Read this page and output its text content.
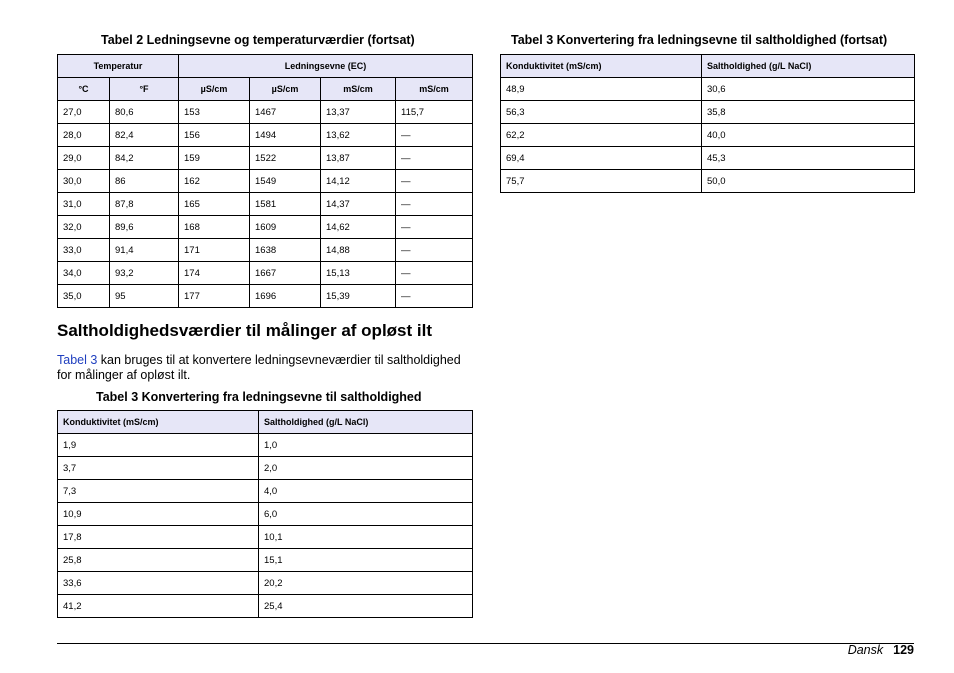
Tabel 2 Ledningsevne og temperaturværdier (fortsat)
Temperatur		Ledningsevne (EC)			
°C	°F	µS/cm	µS/cm	mS/cm	mS/cm
27,0	80,6	153	1467	13,37	115,7
28,0	82,4	156	1494	13,62	—
29,0	84,2	159	1522	13,87	—
30,0	86	162	1549	14,12	—
31,0	87,8	165	1581	14,37	—
32,0	89,6	168	1609	14,62	—
33,0	91,4	171	1638	14,88	—
34,0	93,2	174	1667	15,13	—
35,0	95	177	1696	15,39	—
Tabel 3 Konvertering fra ledningsevne til saltholdighed (fortsat)
Konduktivitet (mS/cm)	Saltholdighed (g/L NaCl)
48,9	30,6
56,3	35,8
62,2	40,0
69,4	45,3
75,7	50,0
Saltholdighedsværdier til målinger af opløst ilt

Tabel 3 kan bruges til at konvertere ledningsevneværdier til saltholdighed for målinger af opløst ilt.

Tabel 3 Konvertering fra ledningsevne til saltholdighed
Konduktivitet (mS/cm)	Saltholdighed (g/L NaCl)
1,9	1,0
3,7	2,0
7,3	4,0
10,9	6,0
17,8	10,1
25,8	15,1
33,6	20,2
41,2	25,4
Dansk 129
